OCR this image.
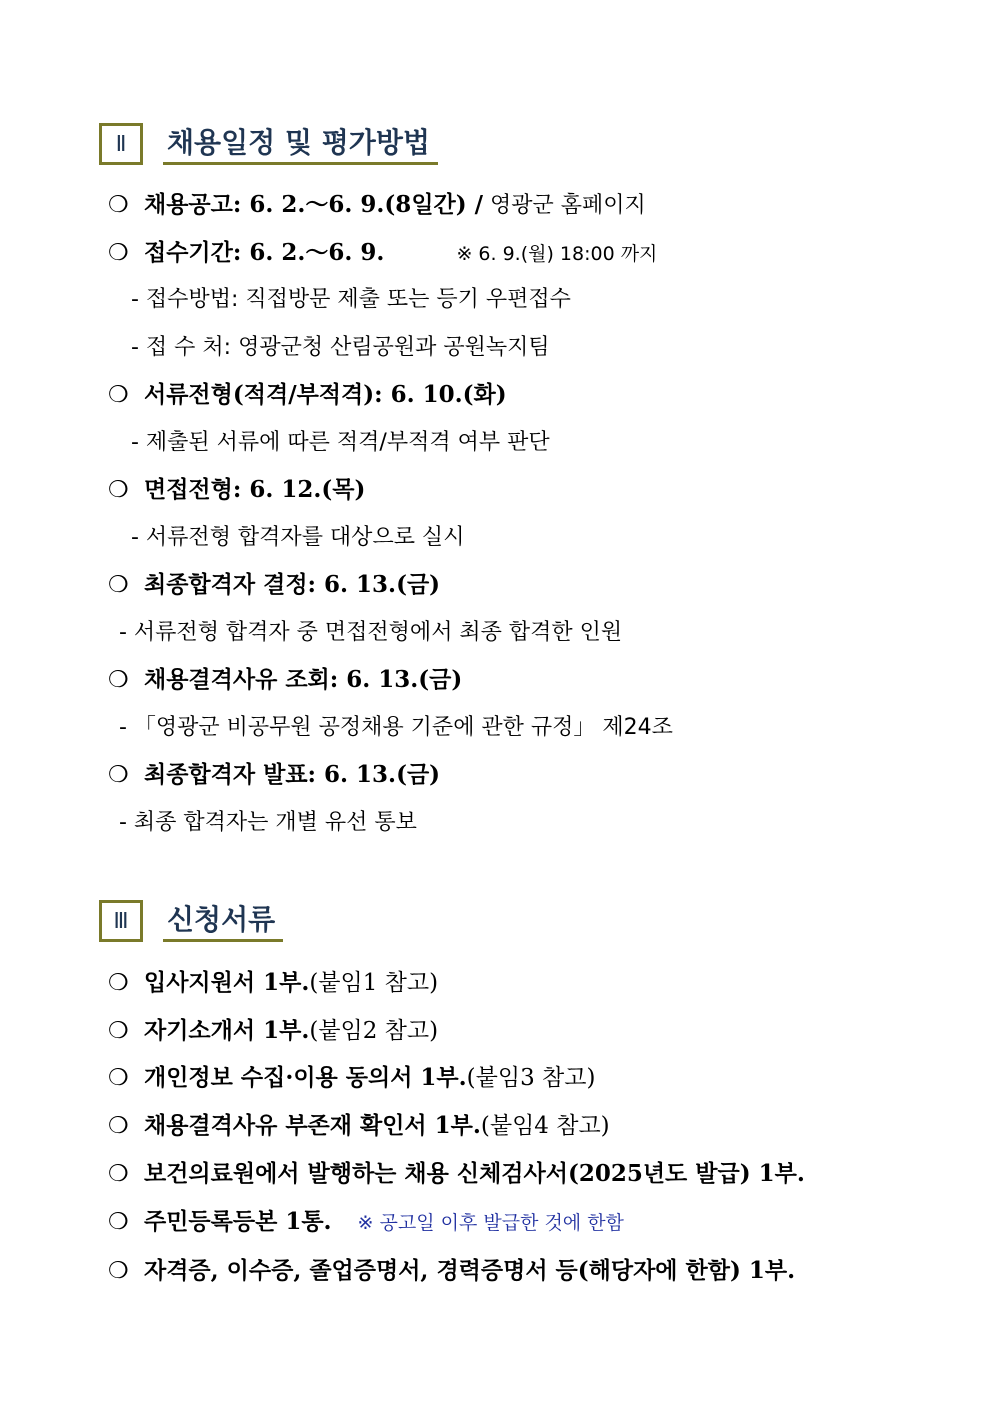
Ⅱ	채용일정 및 평가방법
❍ 채용공고: 6. 2.～6. 9.(8일간) / 영광군 홈페이지
❍ 접수기간: 6. 2.～6. 9.	※ 6. 9.(월) 18:00 까지
- 접수방법: 직접방문 제출 또는 등기 우편접수
- 접 수 처: 영광군청 산림공원과 공원녹지팀
❍ 서류전형(적격/부적격): 6. 10.(화)
- 제출된 서류에 따른 적격/부적격 여부 판단
❍ 면접전형: 6. 12.(목)
- 서류전형 합격자를 대상으로 실시
❍ 최종합격자 결정: 6. 13.(금)
- 서류전형 합격자 중 면접전형에서 최종 합격한 인원
❍ 채용결격사유 조회: 6. 13.(금)
- 「영광군 비공무원 공정채용 기준에 관한 규정」 제24조
❍ 최종합격자 발표: 6. 13.(금)
- 최종 합격자는 개별 유선 통보
Ⅲ	신청서류
❍ 입사지원서 1부.(붙임1 참고)
❍ 자기소개서 1부.(붙임2 참고)
❍ 개인정보 수집·이용 동의서 1부.(붙임3 참고)
❍ 채용결격사유 부존재 확인서 1부.(붙임4 참고)
❍ 보건의료원에서 발행하는 채용 신체검사서(2025년도 발급) 1부.
❍ 주민등록등본 1통. ※ 공고일 이후 발급한 것에 한함
❍ 자격증, 이수증, 졸업증명서, 경력증명서 등(해당자에 한함) 1부.
